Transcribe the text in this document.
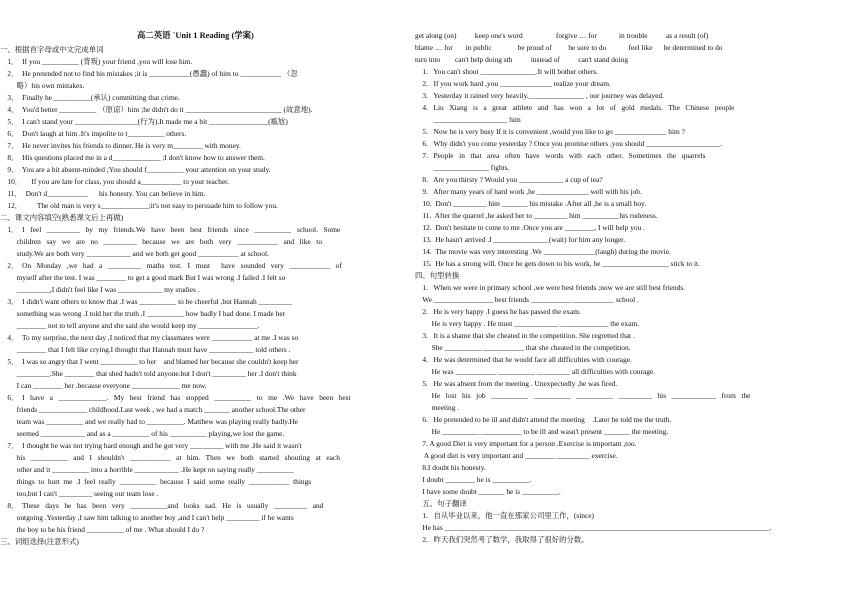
高二英语 `Unit 1 Reading (学案)
一、根据首字母或中文完成单词
1．  If you __________ (背叛) your friend ,you will lose him.
2．  He pretended not to find his mistakes ;it is ___________(愚蠢) of him to ___________ （忽
略）his own mistakes.
3．  Finally he __________(承认) committing that crime.
4．  You'd better __________ （原谅）him ;he didn't do it __________________________ (故意地).
5．  I can't stand your _________________(行为).It made me a bit ________________(尴尬)
6．  Don't laugh at him .It's impolite to t__________ others.
7．  He never invites his friends to dinner. He is very m________ with money.
8．  His questions placed me in a d_____________ ;I don't know how to answer them.
9．  You are a bit absent-minded ;You should f__________ your attention on your study.
10．     If you are late for class, you should a___________ to your teacher.
11．  Don't d___________      his honesty. You can believe in him.
12．        The old man is very s_____________;it's not easy to persuade him to follow you.
二、课文内容填空(熟悉课文后上再做)
1．  I   feel   _________   by   my   friends.We   have   been   best   friends   since   __________   school.   Some
children   say   we   are   no   _________   because   we   are   both   very   ___________   and   like   to
study.We are both very ____________ and we both get good ___________ at school.
2．  On   Monday   ,we   had   a   _________   maths   test.   I   must      have   sounded   very   ___________   of
myself after the test. I was ________ to get a good mark But I was wrong .I failed .I felt so
_________,I didn't feel like I was ____________ my studies .
3．  I didn't want others to know that .I was __________ to be cheerful ,but Hannah _________
something was wrong .I told her the truth .I __________ how badly I had done. I made her
________ not to tell anyone and she said she would keep my ________________.
4．  To my surprise, the next day ,I noticed that my classmates were ___________ at me .I was so
________ that I felt like crying.I thought that Hannah must have ____________ told others .
5．  I was so angry that I went __________ to her    and blamed her because she couldn't keep her
_________.She ________ that shed hadn't told anyone.but I don't _________ her .I don't think
I can ________ her .because everyone _____________ me now.
6．  I   have   a   _____________.   My   best   friend   has   stopped   __________   to   me   .We   have   been   best
friends _____________ childhood.Last week , we had a match _______ another school.The other
team was __________ and we really had to __________. Matthew was playing really badly.He
seemed ____________ and as a __________ of his __________ playing,we lost the game.
7．  I thought he was not trying hard enough and he got very _________ with me .He said it wasn't
his   __________   and   I   shouldn't   ___________   at   him.   Then   we   both   started   shouting   at   each
other and it __________ into a horrible ____________ .He kept on saying really __________
things  to  hurt  me  .I  feel  really  __________  because  I  said  some  really  ___________  things
too,but I can't _________ seeing our team lose .
8．  These   days   he   has   been   very   __________and   looks   sad.   He   is   usually   _________   and
outgoing .Yesterday ,I saw him talking to another boy ,and I can't help _________ if he wants
the boy to be his friend __________ of me . What should I do ?
三、词组选择(注意形式)
get along (on)          keep one's word                  forgive … for            in trouble          as a result (of)
blame … for       in public              be proud of         be sure to do            feel like      be determined to do
turn into        can't help doing sth          instead of          can't stand doing
1.   You can't shout _______________.It will bother others.
2.   If you work hard ,you ______________ realize your dream.
3.   Yesterday it rained very heavily._______________ , our journey was delayed.
4.   Liu   Xiang   is   a   great   athlete   and   has   won   a   lot   of   gold   medals.   The   Chinese   people
____________________ him
5.   Now he is very busy If it is convenient ,would you like to go ______________ him ?
6.   Why didn't you come yesterday ? Once you promise others ,you should ____________________.
7.   People   in   that   area   often   have   words   with   each   other.   Sometimes   the   quarrels
_______________ fights.
8.   Are you thirsty ? Would you ____________ a cup of tea?
9.   After many years of hard work ,he ______________ well with his job.
10.  Don't _________ him _______ his mistake .After all ,he is a small boy.
11.  After the quarrel ,he asked her to _________ him __________his rudeness.
12.  Don't hesitate to come to me .Once you are ________, I will help you .
13.  He hasn't arrived .I _______________(wait) for him any longer.
14.  The movie was very interesting .We ______________(laugh) during the movie.
15.  He has a strong will. Once he gets down to his work, he __________________ stick to it.
四、句型转换
1.   When we were in primary school ,we were best friends ;now we are still best friends.
We ________________ best friends ___________ ___________ school .
2.   He is very happy .I guess he has passed the exam.
He is very happy . He must ____________ _____________ the exam.
3.   It is a shame that she cheated in the competition. She regretted that .
She __________ ___________ that she cheated in the competition.
4.   He was determined that he would face all difficulties with courage.
He was ___________ __________ _________ all difficulties with courage.
5.   He was absent from the meeting . Unexpectedly ,he was fired.
He   lost   his   job   __________   __________   __________   _________   his   ____________   from   the
meeting .
6.   He pretended to be ill and didn't attend the meeting    .Later he told me the truth.
He __________ ___________ to be ill and wasn't present _______ the meeting.
7. A good Diet is very important for a person .Exercise is important ,too.
A good diet is very important and ________ _________ exercise.
8.I doubt his honesty.
I doubt ________ he is __________.
I have some doubt _______ he is __________.
五、句子翻译
1.   自从毕业以来，他一直在那家公司里工作，(since)
He has ________________________________________________________________________________________.
2.   昨天我们突然考了数学，我取得了很好的分数。
